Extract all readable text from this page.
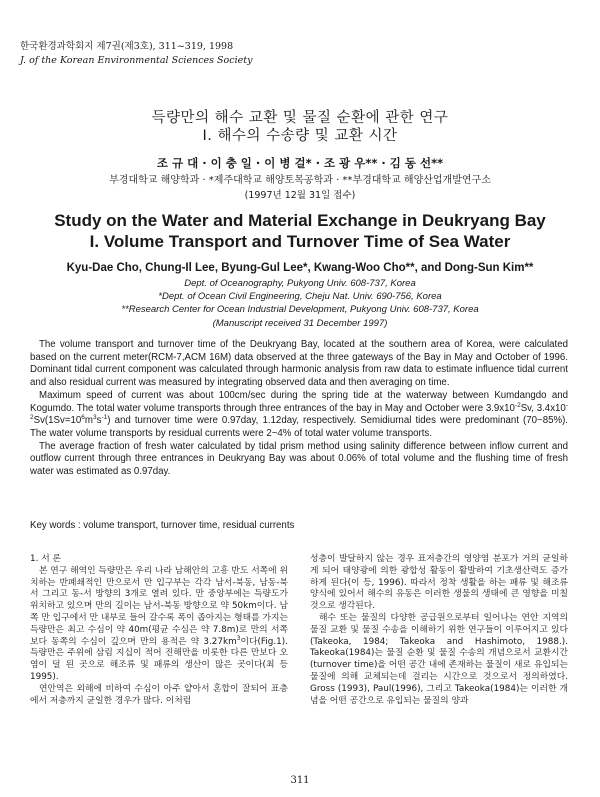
한국환경과학회지 제7권(제3호), 311~319, 1998
J. of the Korean Environmental Sciences Society
득량만의 해수 교환 및 물질 순환에 관한 연구
I. 해수의 수송량 및 교환 시간
조 규 대 · 이 충 일 · 이 병 걸* · 조 광 우** · 김 동 선**
부경대학교 해양학과 · *제주대학교 해양토목공학과 · **부경대학교 해양산업개발연구소
(1997년 12월 31일 접수)
Study on the Water and Material Exchange in Deukryang Bay
I. Volume Transport and Turnover Time of Sea Water
Kyu-Dae Cho, Chung-Il Lee, Byung-Gul Lee*, Kwang-Woo Cho**, and Dong-Sun Kim**
Dept. of Oceanography, Pukyong Univ. 608-737, Korea
*Dept. of Ocean Civil Engineering, Cheju Nat. Univ. 690-756, Korea
**Research Center for Ocean Industrial Development, Pukyong Univ. 608-737, Korea
(Manuscript received 31 December 1997)

The volume transport and turnover time of the Deukryang Bay, located at the southern area of Korea, were calculated based on the current meter(RCM-7,ACM 16M) data observed at the three gateways of the Bay in May and October of 1996. Dominant tidal current component was calculated through harmonic analysis from raw data to estimate influence tidal current and also residual current was measured by integrating observed data and then averaging on time.

Maximum speed of current was about 100cm/sec during the spring tide at the waterway between Kumdangdo and Kogumdo. The total water volume transports through three entrances of the bay in May and October were $3.9x10^{-2}Sv$, $3.4x10^{-2}Sv(1Sv=10^6m^3s^{-1})$ and turnover time were 0.97day, 1.12day, respectively. Semidiurnal tides were predominant (70~85%). The water volume transports by residual currents were 2~4% of total water volume transports.

The average fraction of fresh water calculated by tidal prism method using salinity difference between inflow current and outflow current through three entrances in Deukryang Bay was about 0.06% of total volume and the flushing time of fresh water was estimated as 0.97day.

Key words : volume transport, turnover time, residual currents
1. 서 론

본 연구 해역인 득량만은 우리 나라 남해안의 고흥 반도 서쪽에 위치하는 반폐쇄적인 만으로서 만 입구부는 각각 남서-북동, 남동-북서 그리고 동-서 방향의 3개로 열려 있다. 만 중앙부에는 득량도가 위치하고 있으며 만의 길이는 남서-북동 방향으로 약 50km이다. 남쪽 만 입구에서 만 내부로 들어 갈수록 폭이 좁아지는 형태를 가지는 득량만은 최고 수심이 약 40m(평균 수심은 약 7.8m)로 만의 서쪽 보다 동쪽의 수심이 깊으며 만의 용적은 약 $3.27km^3$이다(Fig.1). 득량만은 주위에 삼림 지십이 적어 진해만을 비롯한 다른 만보다 오염이 덜 된 곳으로 해조류 및 패류의 생산이 많은 곳이다(최 등 1995).

연안역은 외해에 비하여 수심이 아주 얕아서 혼합이 잘되어 표층에서 저층까지 균일한 경우가 많다. 이처럼

성층이 발달하지 않는 경우 표저층간의 영양염 분포가 거의 균일하게 되어 태양광에 의한 광합성 활동이 활발하여 기초생산력도 증가하게 된다(이 등, 1996). 따라서 정착 생활을 하는 패류 및 해조류 양식에 있어서 해수의 유동은 이러한 생물의 생태에 큰 영향을 미칠 것으로 생각된다.

해수 또는 물질의 다양한 공급원으로부터 일어나는 연안 지역의 물질 교환 및 물질 수송을 이해하기 위한 연구들이 이루어지고 있다(Takeoka, 1984; Takeoka and Hashimoto, 1988.). Takeoka(1984)는 물질 순환 및 물질 수송의 개념으로서 교환시간(turnover time)을 어떤 공간 내에 존재하는 물질이 새로 유입되는 물질에 의해 교체되는데 걸리는 시간으로 것으로서 정의하였다. Gross (1993), Paul(1996), 그리고 Takeoka(1984)는 이러한 개념을 어떤 공간으로 유입되는 물질의 양과

311
